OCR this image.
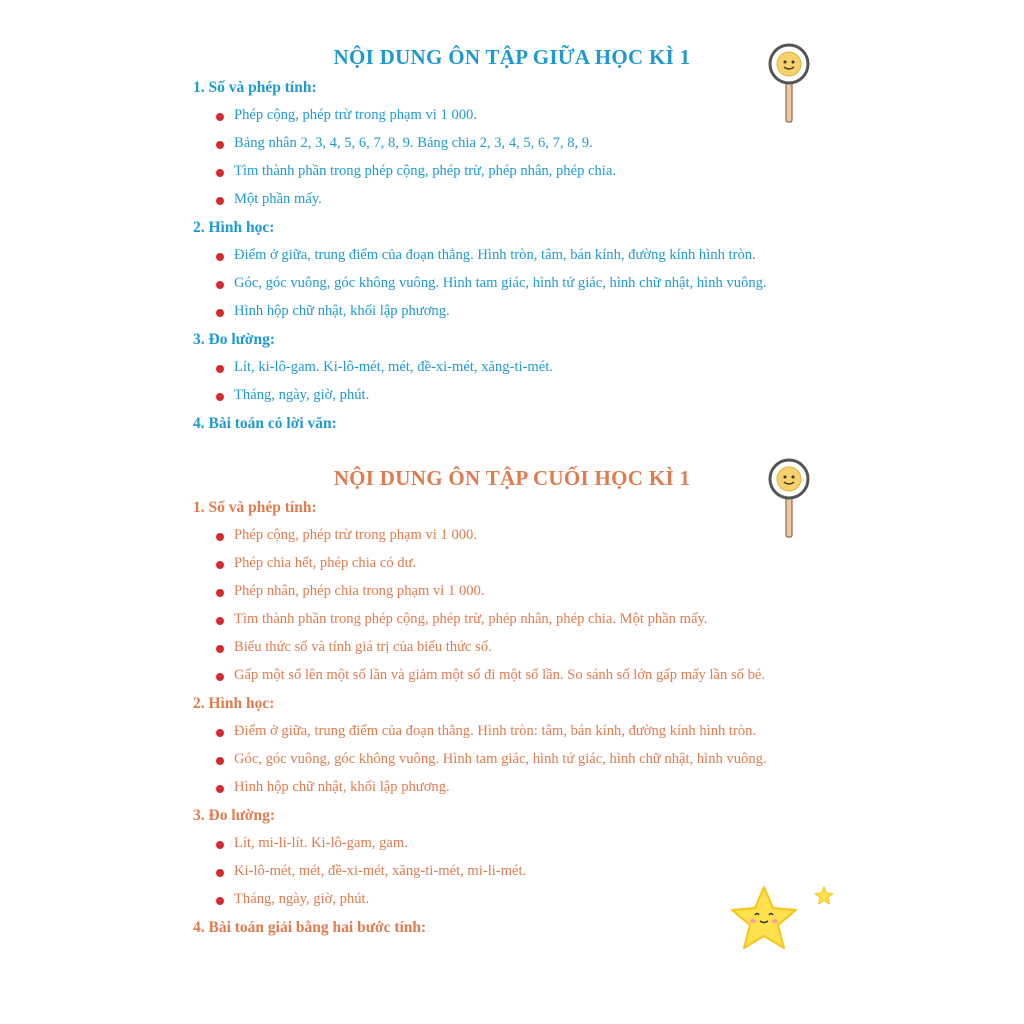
NỘI DUNG ÔN TẬP GIỮA HỌC KÌ 1
1. Số và phép tính:
Phép cộng, phép trừ trong phạm vi 1 000.
Bảng nhân 2, 3, 4, 5, 6, 7, 8, 9. Bảng chia 2, 3, 4, 5, 6, 7, 8, 9.
Tìm thành phần trong phép cộng, phép trừ, phép nhân, phép chia.
Một phần mấy.
2. Hình học:
Điểm ở giữa, trung điểm của đoạn thẳng. Hình tròn, tâm, bán kính, đường kính hình tròn.
Góc, góc vuông, góc không vuông. Hình tam giác, hình tứ giác, hình chữ nhật, hình vuông.
Hình hộp chữ nhật, khối lập phương.
3. Đo lường:
Lít, ki-lô-gam. Ki-lô-mét, mét, đề-xi-mét, xăng-ti-mét.
Tháng, ngày, giờ, phút.
4. Bài toán có lời văn:
NỘI DUNG ÔN TẬP CUỐI HỌC KÌ 1
1. Số và phép tính:
Phép cộng, phép trừ trong phạm vi 1 000.
Phép chia hết, phép chia có dư.
Phép nhân, phép chia trong phạm vi 1 000.
Tìm thành phần trong phép cộng, phép trừ, phép nhân, phép chia. Một phần mấy.
Biểu thức số và tính giá trị của biểu thức số.
Gấp một số lên một số lần và giảm một số đi một số lần. So sánh số lớn gấp mấy lần số bé.
2. Hình học:
Điểm ở giữa, trung điểm của đoạn thẳng. Hình tròn: tâm, bán kính, đường kính hình tròn.
Góc, góc vuông, góc không vuông. Hình tam giác, hình tứ giác, hình chữ nhật, hình vuông.
Hình hộp chữ nhật, khối lập phương.
3. Đo lường:
Lít, mi-li-lít. Ki-lô-gam, gam.
Ki-lô-mét, mét, đề-xi-mét, xăng-ti-mét, mi-li-mét.
Tháng, ngày, giờ, phút.
4. Bài toán giải bằng hai bước tính:
